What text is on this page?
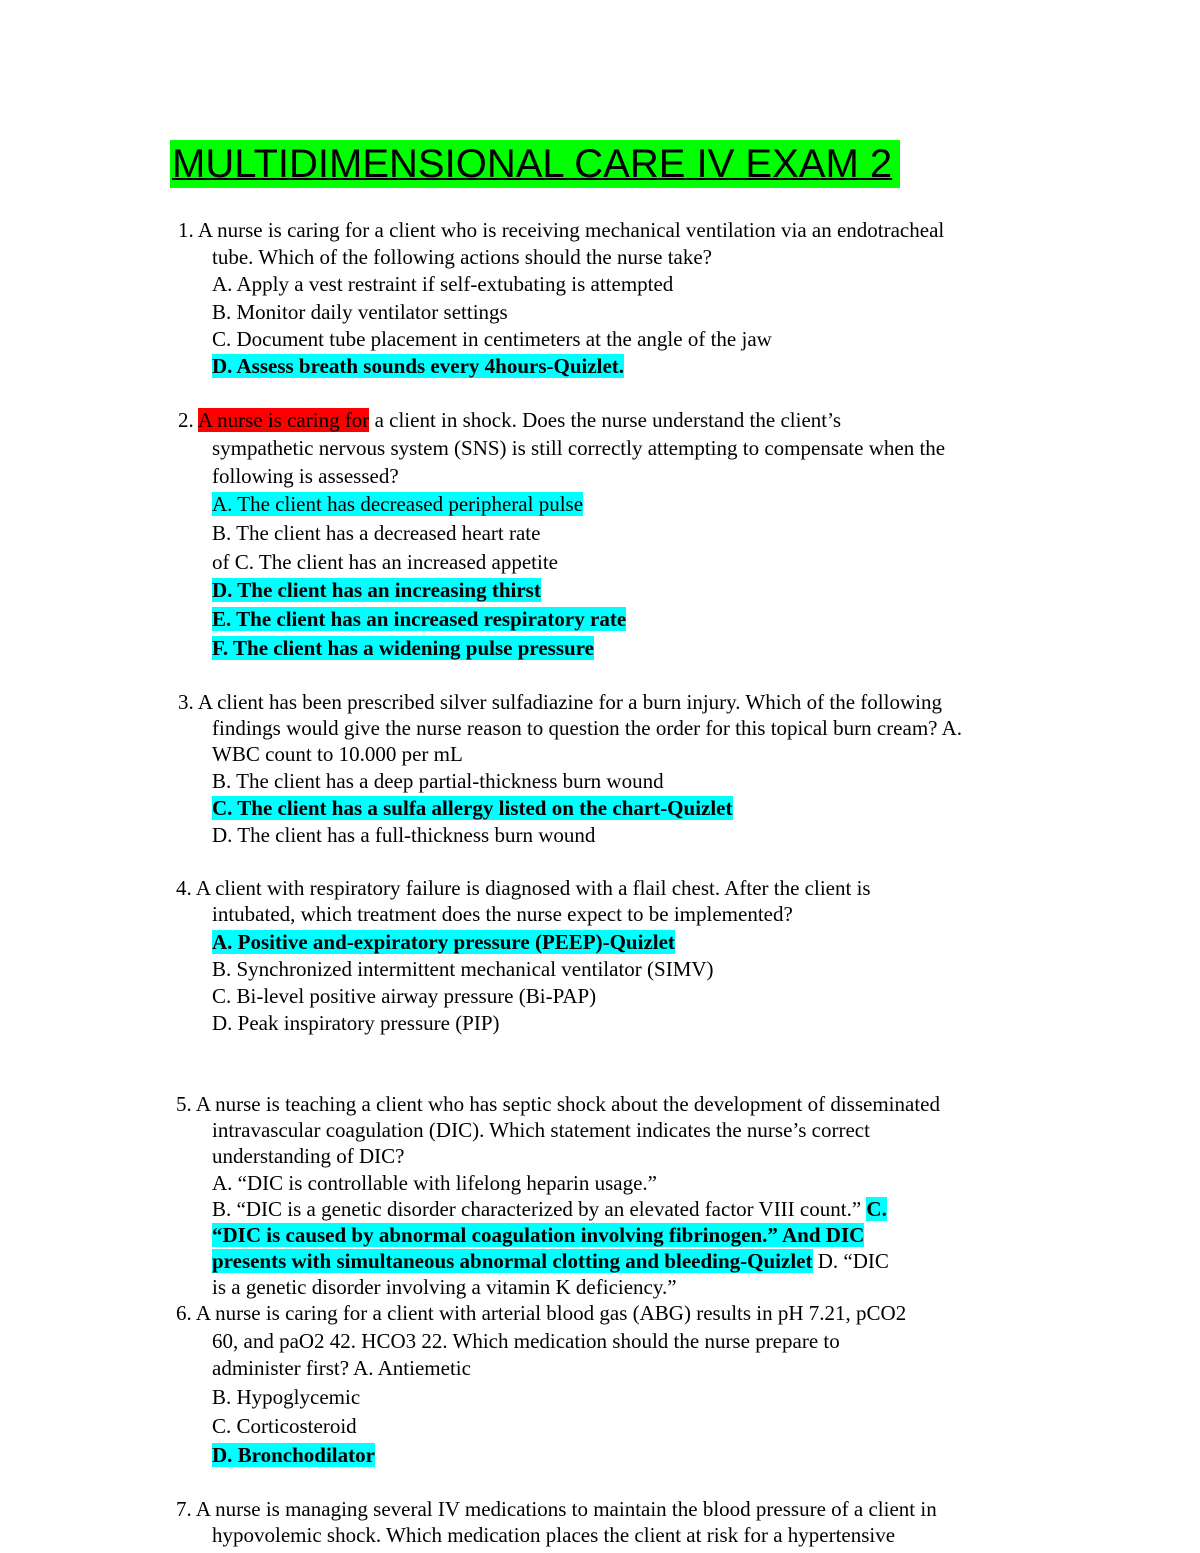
MULTIDIMENSIONAL CARE IV EXAM 2
1. A nurse is caring for a client who is receiving mechanical ventilation via an endotracheal
tube. Which of the following actions should the nurse take?
A. Apply a vest restraint if self-extubating is attempted
B. Monitor daily ventilator settings
C. Document tube placement in centimeters at the angle of the jaw
D. Assess breath sounds every 4hours-Quizlet.
2. A nurse is caring for a client in shock. Does the nurse understand the client’s
sympathetic nervous system (SNS) is still correctly attempting to compensate when the
following is assessed?
A. The client has decreased peripheral pulse
B. The client has a decreased heart rate
of C. The client has an increased appetite
D. The client has an increasing thirst
E. The client has an increased respiratory rate
F. The client has a widening pulse pressure
3. A client has been prescribed silver sulfadiazine for a burn injury. Which of the following
findings would give the nurse reason to question the order for this topical burn cream? A.
WBC count to 10.000 per mL
B. The client has a deep partial-thickness burn wound
C. The client has a sulfa allergy listed on the chart-Quizlet
D. The client has a full-thickness burn wound
4. A client with respiratory failure is diagnosed with a flail chest. After the client is
intubated, which treatment does the nurse expect to be implemented?
A. Positive and-expiratory pressure (PEEP)-Quizlet
B. Synchronized intermittent mechanical ventilator (SIMV)
C. Bi-level positive airway pressure (Bi-PAP)
D. Peak inspiratory pressure (PIP)
5. A nurse is teaching a client who has septic shock about the development of disseminated
intravascular coagulation (DIC). Which statement indicates the nurse’s correct
understanding of DIC?
A. “DIC is controllable with lifelong heparin usage.”
B. “DIC is a genetic disorder characterized by an elevated factor VIII count.” C.
“DIC is caused by abnormal coagulation involving fibrinogen.” And DIC
presents with simultaneous abnormal clotting and bleeding-Quizlet D. “DIC
is a genetic disorder involving a vitamin K deficiency.”
6. A nurse is caring for a client with arterial blood gas (ABG) results in pH 7.21, pCO2
60, and paO2 42. HCO3 22. Which medication should the nurse prepare to
administer first? A. Antiemetic
B. Hypoglycemic
C. Corticosteroid
D. Bronchodilator
7. A nurse is managing several IV medications to maintain the blood pressure of a client in
hypovolemic shock. Which medication places the client at risk for a hypertensive
